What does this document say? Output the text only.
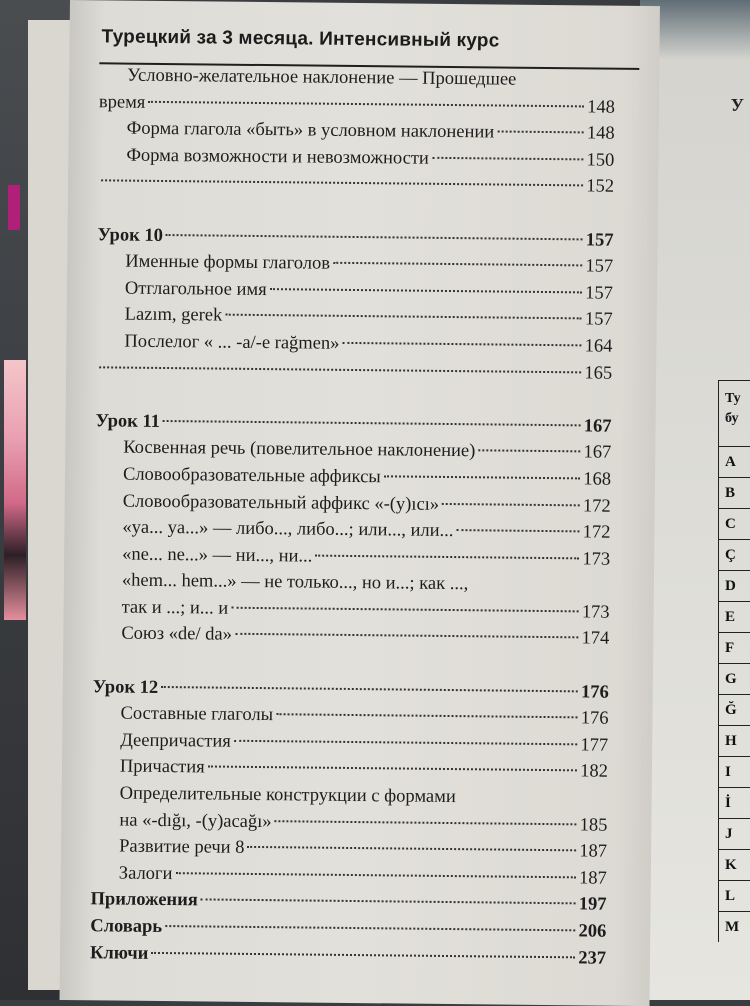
У
Ту
бу
A
B
C
Ç
D
E
F
G
Ğ
H
I
İ
J
K
L
M
Турецкий за 3 месяца. Интенсивный курс
Условно-желательное наклонение — Прошедшее
время	148
Форма глагола «быть» в условном наклонении	148
Форма возможности и невозможности	150
152
Урок 10	157
Именные формы глаголов	157
Отглагольное имя	157
Lazım, gerek	157
Послелог « ... -a/-e rağmen»	164
165
Урок 11	167
Косвенная речь (повелительное наклонение)	167
Словообразовательные аффиксы	168
Словообразовательный аффикс «-(y)ıcı»	172
«ya... ya...» — либо..., либо...; или..., или...	172
«ne... ne...» — ни..., ни...	173
«hem... hem...» — не только..., но и...; как ...,
так и ...; и... и	173
Союз «de/ da»	174
Урок 12	176
Составные глаголы	176
Деепричастия	177
Причастия	182
Определительные конструкции с формами
на «-dığı, -(y)acağı»	185
Развитие речи 8	187
Залоги	187
Приложения	197
Словарь	206
Ключи	237
